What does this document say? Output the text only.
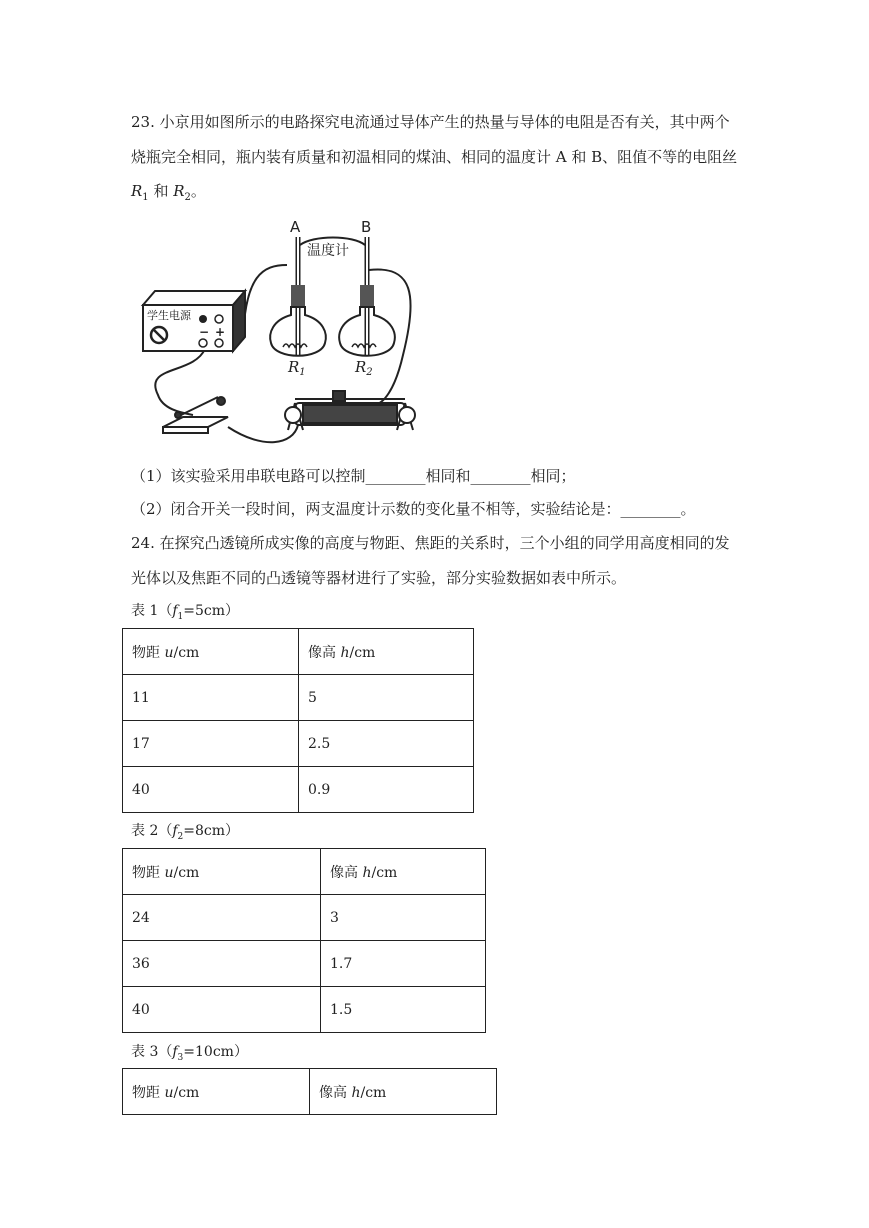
23. 小京用如图所示的电路探究电流通过导体产生的热量与导体的电阻是否有关，其中两个
烧瓶完全相同，瓶内装有质量和初温相同的煤油、相同的温度计 A 和 B、阻值不等的电阻丝
$R_1$ 和 $R_2$。
A	B
温度计
$R_1$	$R_2$
学生电源
− +
（1）该实验采用串联电路可以控制________相同和________相同；
（2）闭合开关一段时间，两支温度计示数的变化量不相等，实验结论是：________。
24. 在探究凸透镜所成实像的高度与物距、焦距的关系时，三个小组的同学用高度相同的发
光体以及焦距不同的凸透镜等器材进行了实验，部分实验数据如表中所示。
表 $1(f_1=5cm)$
物距 u/cm	像高 h/cm
11	5
17	2.5
40	0.9
表 $2(f_2=8cm)$
物距 u/cm	像高 h/cm
24	3
36	1.7
40	1.5
表 $3(f_3=10cm)$
物距 u/cm	像高 h/cm
